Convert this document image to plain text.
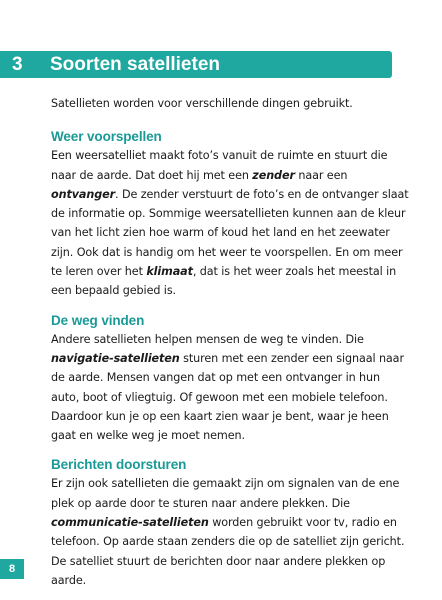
3 Soorten satellieten

Satellieten worden voor verschillende dingen gebruikt.

Weer voorspellen

Een weersatelliet maakt foto’s vanuit de ruimte en stuurt die naar de aarde. Dat doet hij met een zender naar een ontvanger. De zender verstuurt de foto’s en de ontvanger slaat de informatie op. Sommige weersatellieten kunnen aan de kleur van het licht zien hoe warm of koud het land en het zeewater zijn. Ook dat is handig om het weer te voorspellen. En om meer te leren over het klimaat, dat is het weer zoals het meestal in een bepaald gebied is.

De weg vinden

Andere satellieten helpen mensen de weg te vinden. Die navigatie-satellieten sturen met een zender een signaal naar de aarde. Mensen vangen dat op met een ontvanger in hun auto, boot of vliegtuig. Of gewoon met een mobiele telefoon. Daardoor kun je op een kaart zien waar je bent, waar je heen gaat en welke weg je moet nemen.

Berichten doorsturen

Er zijn ook satellieten die gemaakt zijn om signalen van de ene plek op aarde door te sturen naar andere plekken. Die communicatie-satellieten worden gebruikt voor tv, radio en telefoon. Op aarde staan zenders die op de satelliet zijn gericht. De satelliet stuurt de berichten door naar andere plekken op aarde.

8
